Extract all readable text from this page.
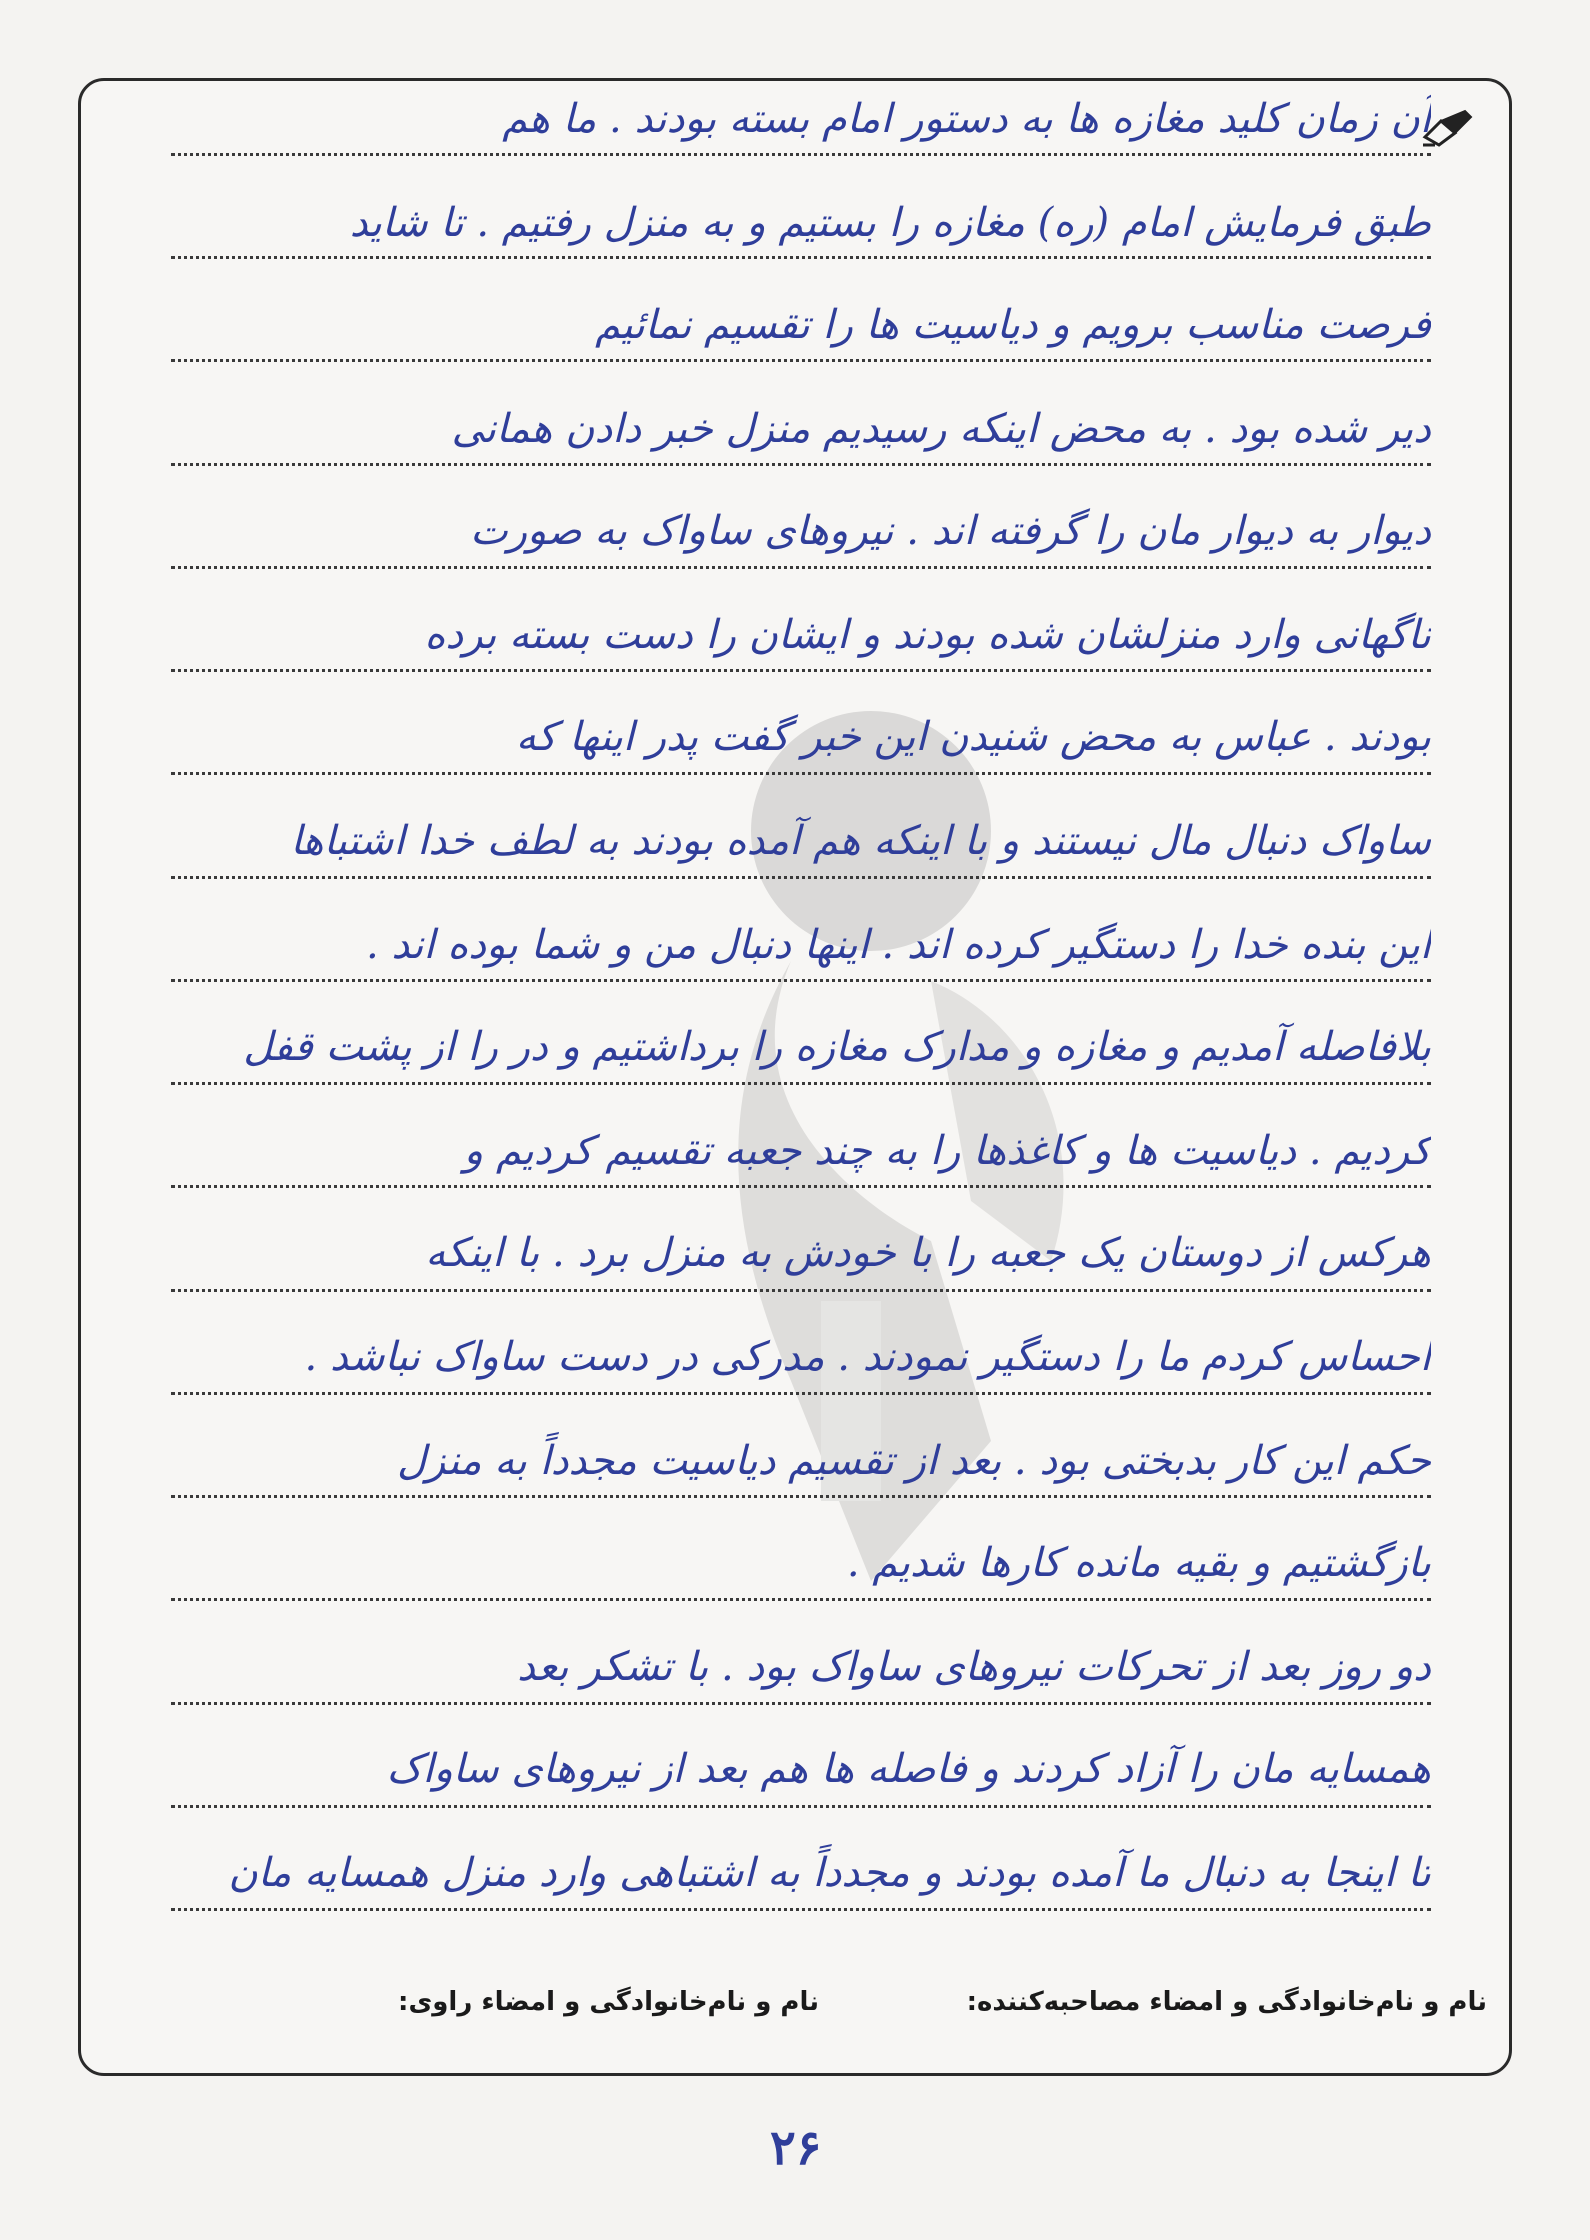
آن زمان کلید مغازه ها به دستور امام بسته بودند . ما هم
طبق فرمایش امام (ره) مغازه را بستیم و به منزل رفتیم . تا شاید
فرصت مناسب برویم و دیاسیت ها را تقسیم نمائیم
دیر شده بود . به محض اینکه رسیدیم منزل خبر دادن همانی
دیوار به دیوار مان را گرفته اند . نیروهای ساواک به صورت
ناگهانی وارد منزلشان شده بودند و ایشان را دست بسته برده
بودند . عباس به محض شنیدن این خبر گفت پدر اینها که
ساواک دنبال مال نیستند و با اینکه هم آمده بودند به لطف خدا اشتباها
این بنده خدا را دستگیر کرده اند . اینها دنبال من و شما بوده اند .
بلافاصله آمدیم و مغازه و مدارک مغازه را برداشتیم و در را از پشت قفل
کردیم . دیاسیت ها و کاغذها را به چند جعبه تقسیم کردیم و
هرکس از دوستان یک جعبه را با خودش به منزل برد . با اینکه
احساس کردم ما را دستگیر نمودند . مدرکی در دست ساواک نباشد .
حکم این کار بدبختی بود . بعد از تقسیم دیاسیت مجدداً به منزل
بازگشتیم و بقیه مانده کارها شدیم .
دو روز بعد از تحرکات نیروهای ساواک بود . با تشکر بعد
همسایه مان را آزاد کردند و فاصله ها هم بعد از نیروهای ساواک
تا اینجا به دنبال ما آمده بودند و مجدداً به اشتباهی وارد منزل همسایه مان
نام و نام‌خانوادگی و امضاء مصاحبه‌کننده:
نام و نام‌خانوادگی و امضاء راوی:
۲۶
